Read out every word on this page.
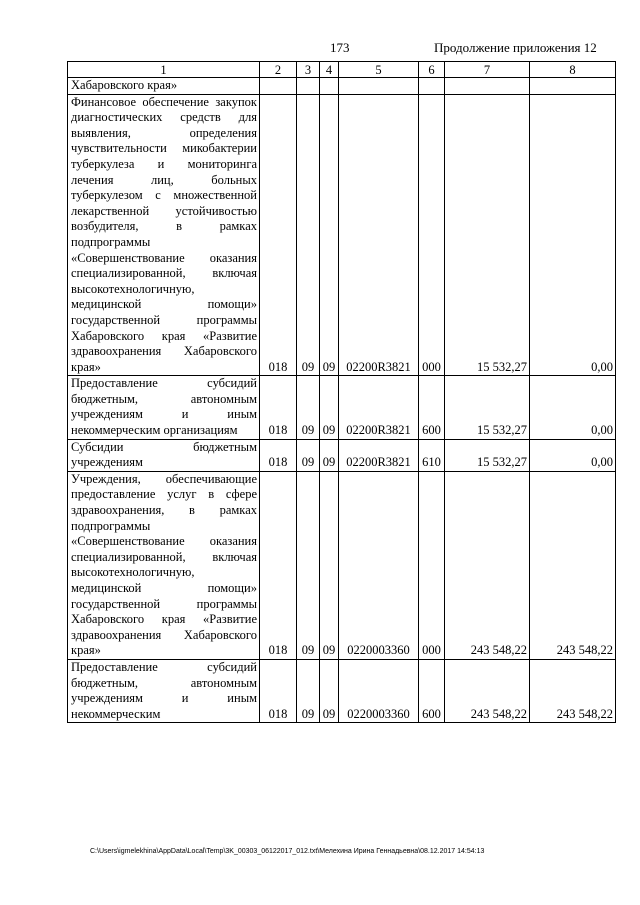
173	Продолжение приложения 12
1	2	3	4	5	6	7	8
Хабаровского края»							
Финансовое обеспечение закупок диагностических средств для выявления, определения чувствительности микобактерии туберкулеза и мониторинга лечения лиц, больных туберкулезом с множественной лекарственной устойчивостью возбудителя, в рамках подпрограммы «Совершенствование оказания специализированной, включая высокотехнологичную, медицинской помощи» государственной программы Хабаровского края «Развитие здравоохранения Хабаровского края»	018	09	09	02200R3821	000	15 532,27	0,00
Предоставление субсидий бюджетным, автономным учреждениям и иным некоммерческим организациям	018	09	09	02200R3821	600	15 532,27	0,00
Субсидии бюджетным учреждениям	018	09	09	02200R3821	610	15 532,27	0,00
Учреждения, обеспечивающие предоставление услуг в сфере здравоохранения, в рамках подпрограммы «Совершенствование оказания специализированной, включая высокотехнологичную, медицинской помощи» государственной программы Хабаровского края «Развитие здравоохранения Хабаровского края»	018	09	09	0220003360	000	243 548,22	243 548,22
Предоставление субсидий бюджетным, автономным учреждениям и иным некоммерческим	018	09	09	0220003360	600	243 548,22	243 548,22
C:\Users\igmelekhina\AppData\Local\Temp\3K_00303_06122017_012.txt\Мелехина Ирина Геннадьевна\08.12.2017 14:54:13
